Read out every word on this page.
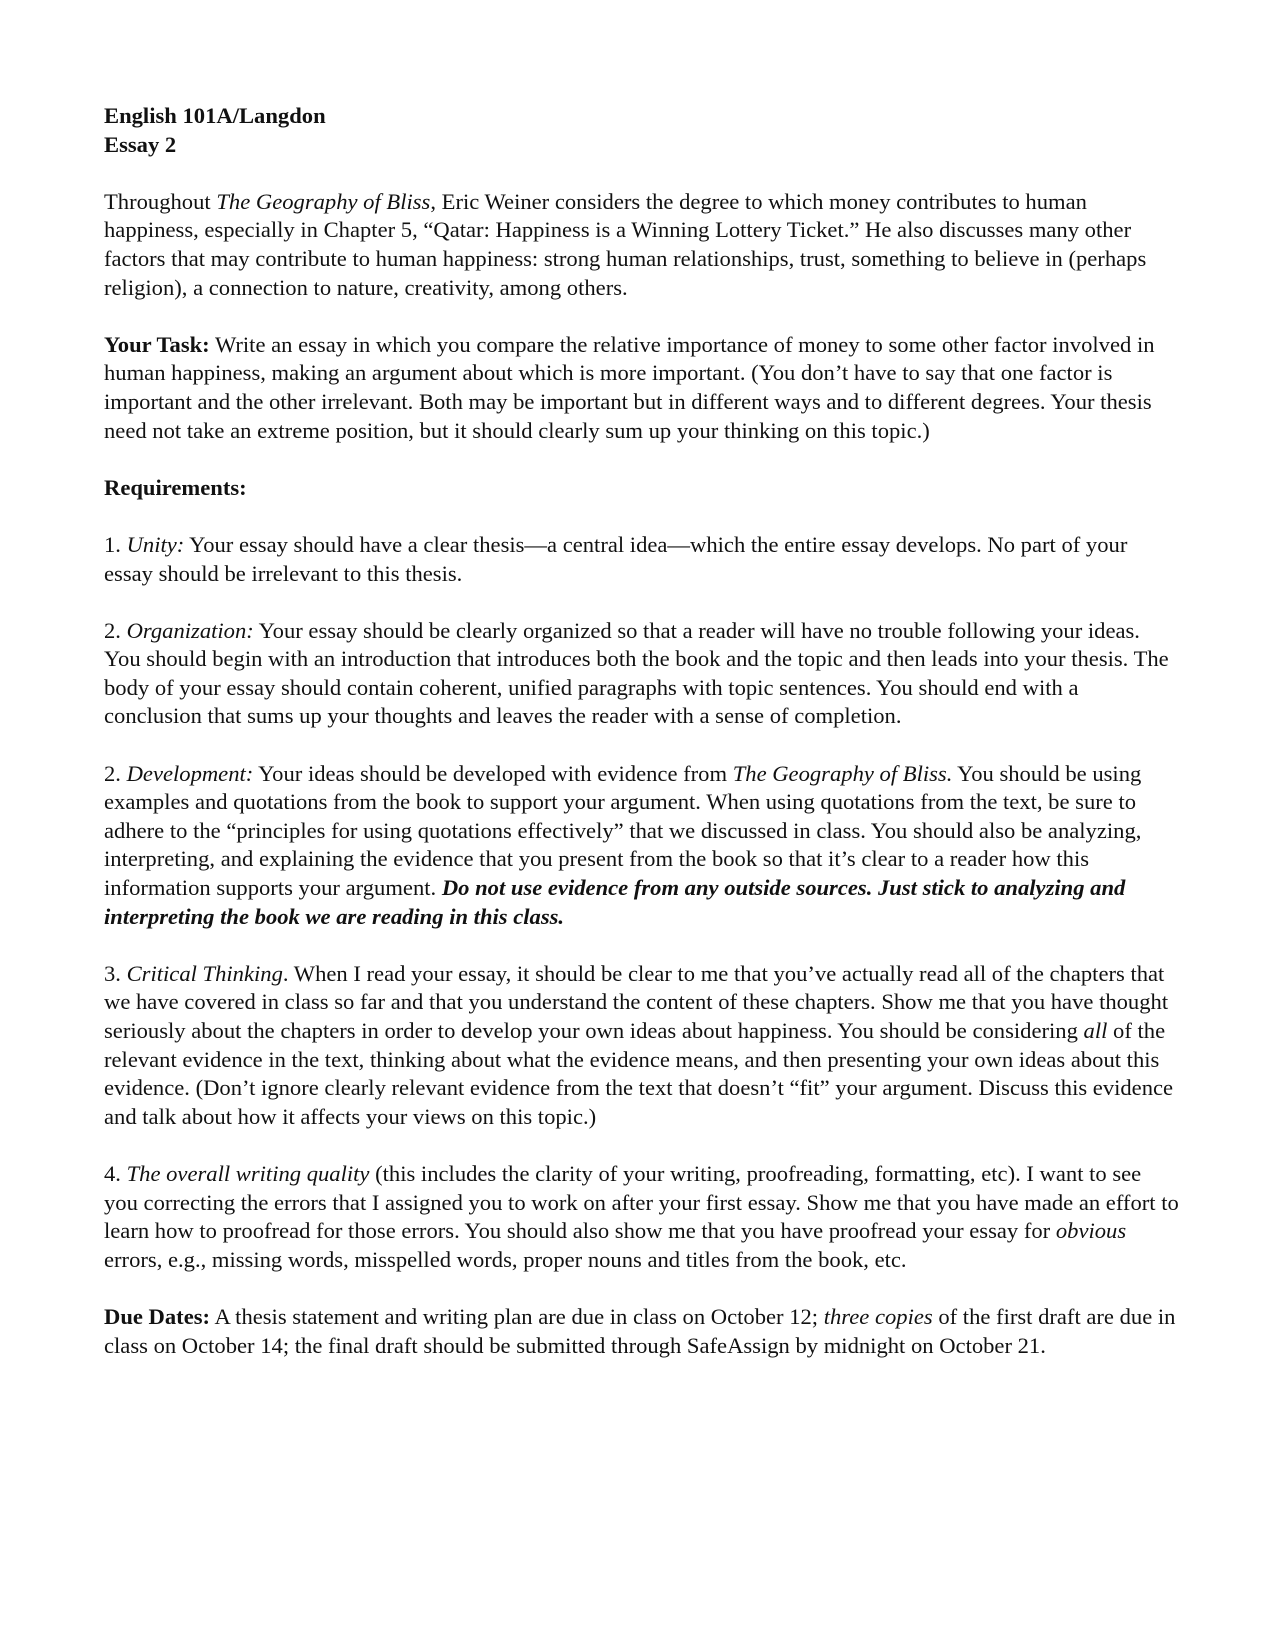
English 101A/Langdon

Essay 2

Throughout The Geography of Bliss, Eric Weiner considers the degree to which money contributes to human happiness, especially in Chapter 5, “Qatar: Happiness is a Winning Lottery Ticket.” He also discusses many other factors that may contribute to human happiness: strong human relationships, trust, something to believe in (perhaps religion), a connection to nature, creativity, among others.

Your Task: Write an essay in which you compare the relative importance of money to some other factor involved in human happiness, making an argument about which is more important. (You don’t have to say that one factor is important and the other irrelevant. Both may be important but in different ways and to different degrees. Your thesis need not take an extreme position, but it should clearly sum up your thinking on this topic.)

Requirements:

1. Unity: Your essay should have a clear thesis—a central idea—which the entire essay develops. No part of your essay should be irrelevant to this thesis.

2. Organization: Your essay should be clearly organized so that a reader will have no trouble following your ideas. You should begin with an introduction that introduces both the book and the topic and then leads into your thesis. The body of your essay should contain coherent, unified paragraphs with topic sentences. You should end with a conclusion that sums up your thoughts and leaves the reader with a sense of completion.

2. Development: Your ideas should be developed with evidence from The Geography of Bliss. You should be using examples and quotations from the book to support your argument. When using quotations from the text, be sure to adhere to the “principles for using quotations effectively” that we discussed in class. You should also be analyzing, interpreting, and explaining the evidence that you present from the book so that it’s clear to a reader how this information supports your argument. Do not use evidence from any outside sources. Just stick to analyzing and interpreting the book we are reading in this class.

3. Critical Thinking. When I read your essay, it should be clear to me that you’ve actually read all of the chapters that we have covered in class so far and that you understand the content of these chapters. Show me that you have thought seriously about the chapters in order to develop your own ideas about happiness. You should be considering all of the relevant evidence in the text, thinking about what the evidence means, and then presenting your own ideas about this evidence. (Don’t ignore clearly relevant evidence from the text that doesn’t “fit” your argument. Discuss this evidence and talk about how it affects your views on this topic.)

4. The overall writing quality (this includes the clarity of your writing, proofreading, formatting, etc). I want to see you correcting the errors that I assigned you to work on after your first essay. Show me that you have made an effort to learn how to proofread for those errors. You should also show me that you have proofread your essay for obvious errors, e.g., missing words, misspelled words, proper nouns and titles from the book, etc.

Due Dates: A thesis statement and writing plan are due in class on October 12; three copies of the first draft are due in class on October 14; the final draft should be submitted through SafeAssign by midnight on October 21.
